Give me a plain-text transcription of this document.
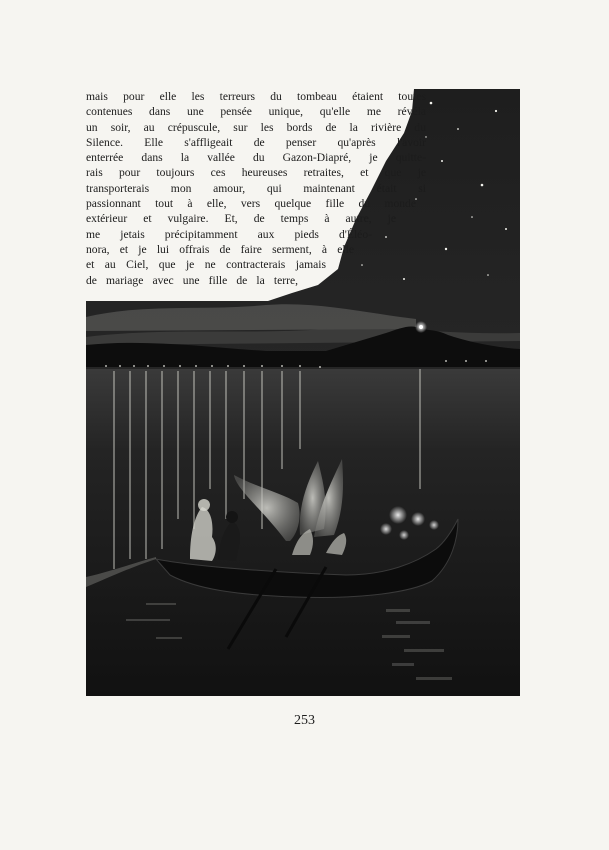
mais pour elle les terreurs du tombeau étaient toutes
contenues dans une pensée unique, qu'elle me révéla
un soir, au crépuscule, sur les bords de la rivière du
Silence. Elle s'affligeait de penser qu'après l'avoir
enterrée dans la vallée du Gazon-Diapré, je quitte-
rais pour toujours ces heureuses retraites, et que je
transporterais mon amour, qui maintenant était si
passionnant tout à elle, vers quelque fille du monde
extérieur et vulgaire. Et, de temps à autre, je
me jetais précipitamment aux pieds d'Éléo-
nora, et je lui offrais de faire serment, à elle
et au Ciel, que je ne contracterais jamais
de mariage avec une fille de la terre,
253
